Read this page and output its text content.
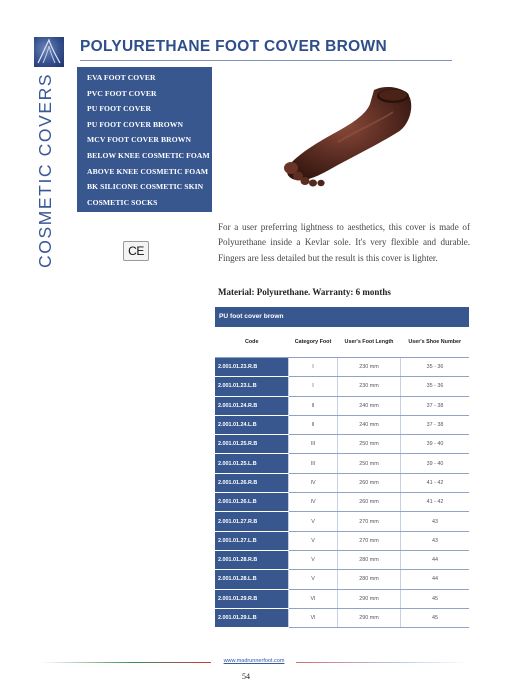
POLYURETHANE FOOT COVER BROWN
COSMETIC COVERS	EVA FOOT COVER
PVC FOOT COVER
PU FOOT COVER
PU FOOT COVER BROWN
MCV FOOT COVER BROWN
BELOW KNEE COSMETIC FOAM
ABOVE KNEE COSMETIC FOAM
BK SILICONE COSMETIC SKIN
COSMETIC SOCKS
CE
For a user preferring lightness to aesthetics, this cover is made of Polyurethane inside a Kevlar sole. It's very flexible and durable. Fingers are less detailed but the result is this cover is lighter.
Material: Polyurethane. Warranty: 6 months
PU foot cover brown
Code	Category Foot	User's Foot Length	User's Shoe Number
2.001.01.23.R.B	I	230 mm	35 - 36
2.001.01.23.L.B	I	230 mm	35 - 36
2.001.01.24.R.B	II	240 mm	37 - 38
2.001.01.24.L.B	II	240 mm	37 - 38
2.001.01.25.R.B	III	250 mm	39 - 40
2.001.01.25.L.B	III	250 mm	39 - 40
2.001.01.26.R.B	IV	260 mm	41 - 42
2.001.01.26.L.B	IV	260 mm	41 - 42
2.001.01.27.R.B	V	270 mm	43
2.001.01.27.L.B	V	270 mm	43
2.001.01.28.R.B	V	280 mm	44
2.001.01.28.L.B	V	280 mm	44
2.001.01.29.R.B	VI	290 mm	45
2.001.01.29.L.B	VI	290 mm	45
www.madrunnerfoot.com
54
